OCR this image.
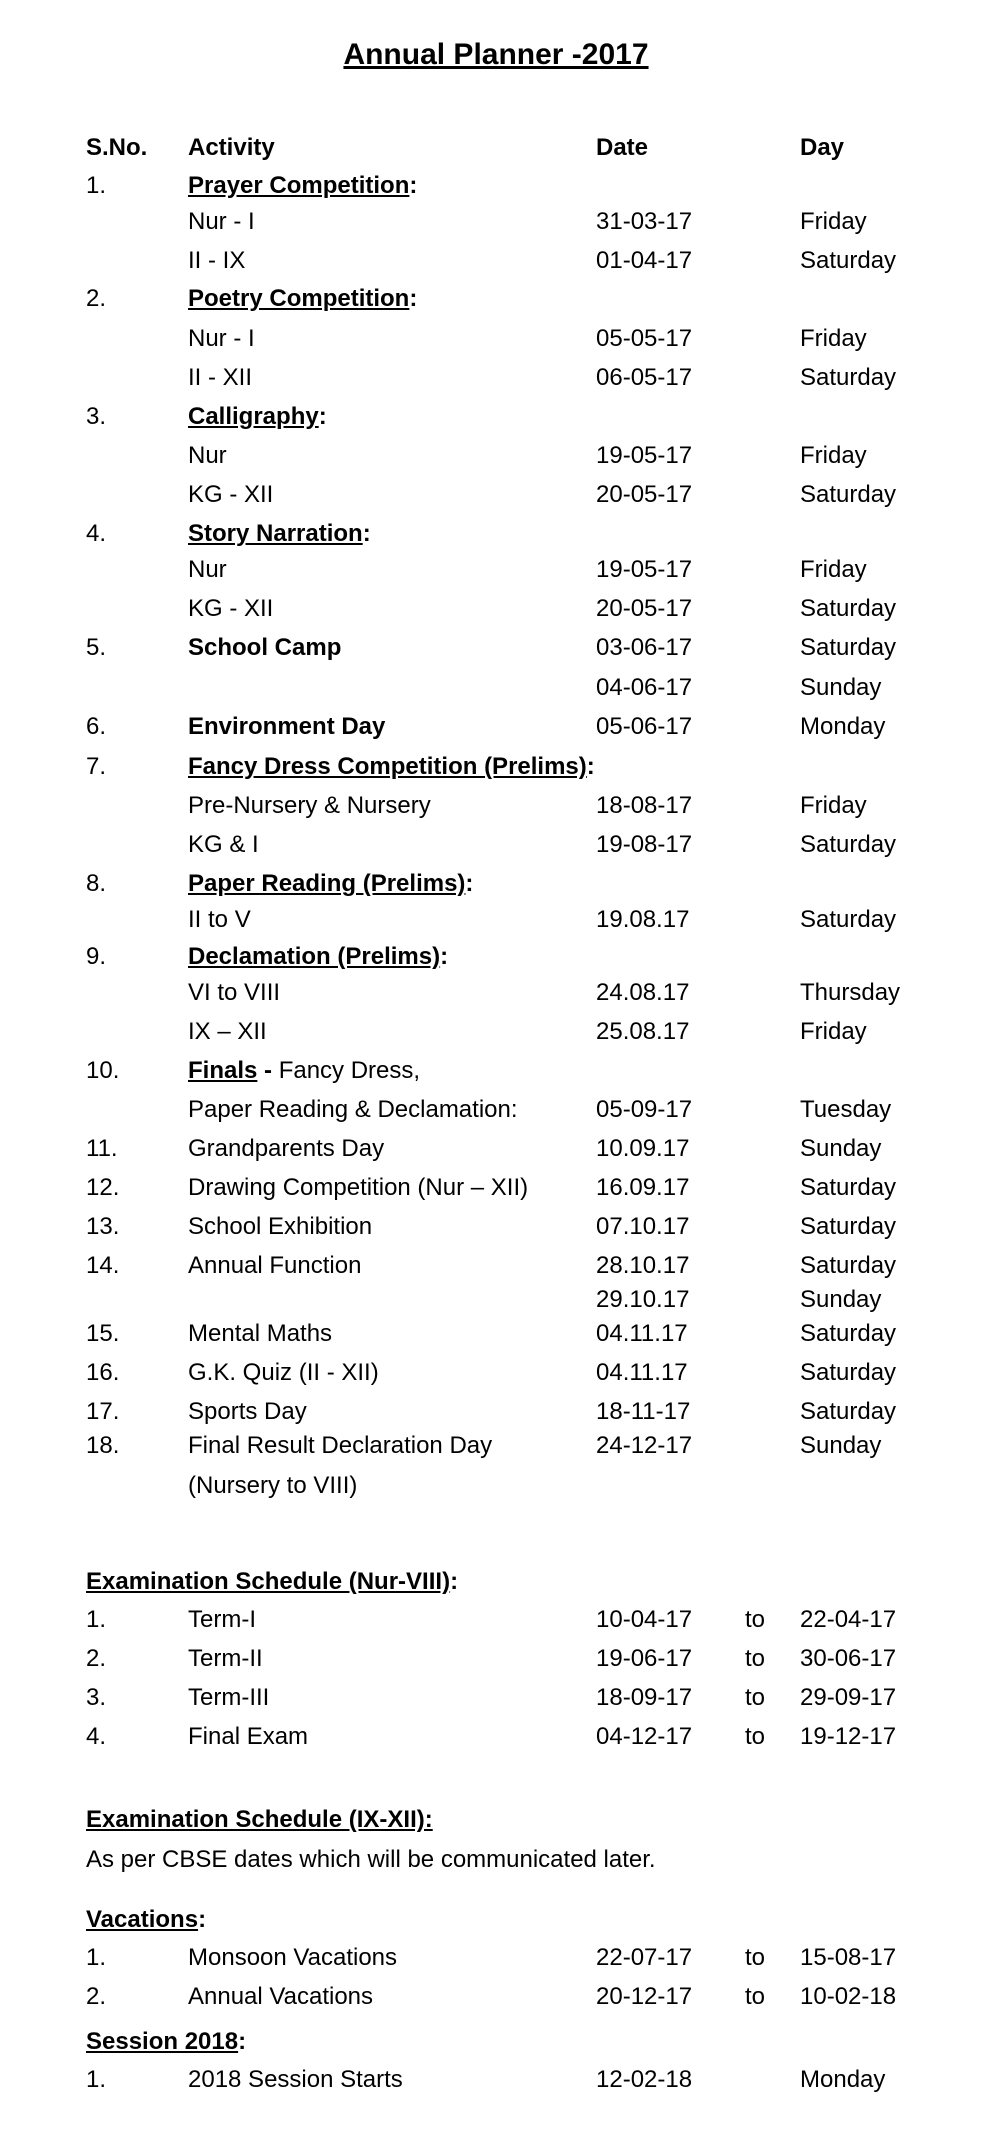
Annual Planner -2017
S.No. Activity	Date	Day
1.	Prayer Competition:
Nur - I	31-03-17	Friday
II - IX	01-04-17	Saturday
2.	Poetry Competition:
Nur - I	05-05-17	Friday
II - XII	06-05-17	Saturday
3.	Calligraphy:
Nur	19-05-17	Friday
KG - XII	20-05-17	Saturday
4.	Story Narration:
Nur	19-05-17	Friday
KG - XII	20-05-17	Saturday
5.	School Camp	03-06-17	Saturday
04-06-17	Sunday
6.	Environment Day	05-06-17	Monday
7.	Fancy Dress Competition (Prelims):
Pre-Nursery & Nursery	18-08-17	Friday
KG & I	19-08-17	Saturday
8.	Paper Reading (Prelims):
II to V	19.08.17	Saturday
9.	Declamation (Prelims):
VI to VIII	24.08.17	Thursday
IX – XII	25.08.17	Friday
10.	Finals - Fancy Dress,
Paper Reading & Declamation:	05-09-17	Tuesday
11.	Grandparents Day	10.09.17	Sunday
12.	Drawing Competition (Nur – XII)	16.09.17	Saturday
13.	School Exhibition	07.10.17	Saturday
14.	Annual Function	28.10.17	Saturday
29.10.17	Sunday
15.	Mental Maths	04.11.17	Saturday
16.	G.K. Quiz (II - XII)	04.11.17	Saturday
17.	Sports Day	18-11-17	Saturday
18.	Final Result Declaration Day	24-12-17	Sunday
(Nursery to VIII)
Examination Schedule (Nur-VIII):
1.	Term-I	10-04-17 to 22-04-17
2.	Term-II	19-06-17 to 30-06-17
3.	Term-III	18-09-17 to 29-09-17
4.	Final Exam	04-12-17 to 19-12-17
Examination Schedule (IX-XII):
As per CBSE dates which will be communicated later.
Vacations:
1.	Monsoon Vacations	22-07-17 to 15-08-17
2.	Annual Vacations	20-12-17 to 10-02-18
Session 2018:
1.	2018 Session Starts	12-02-18	Monday
